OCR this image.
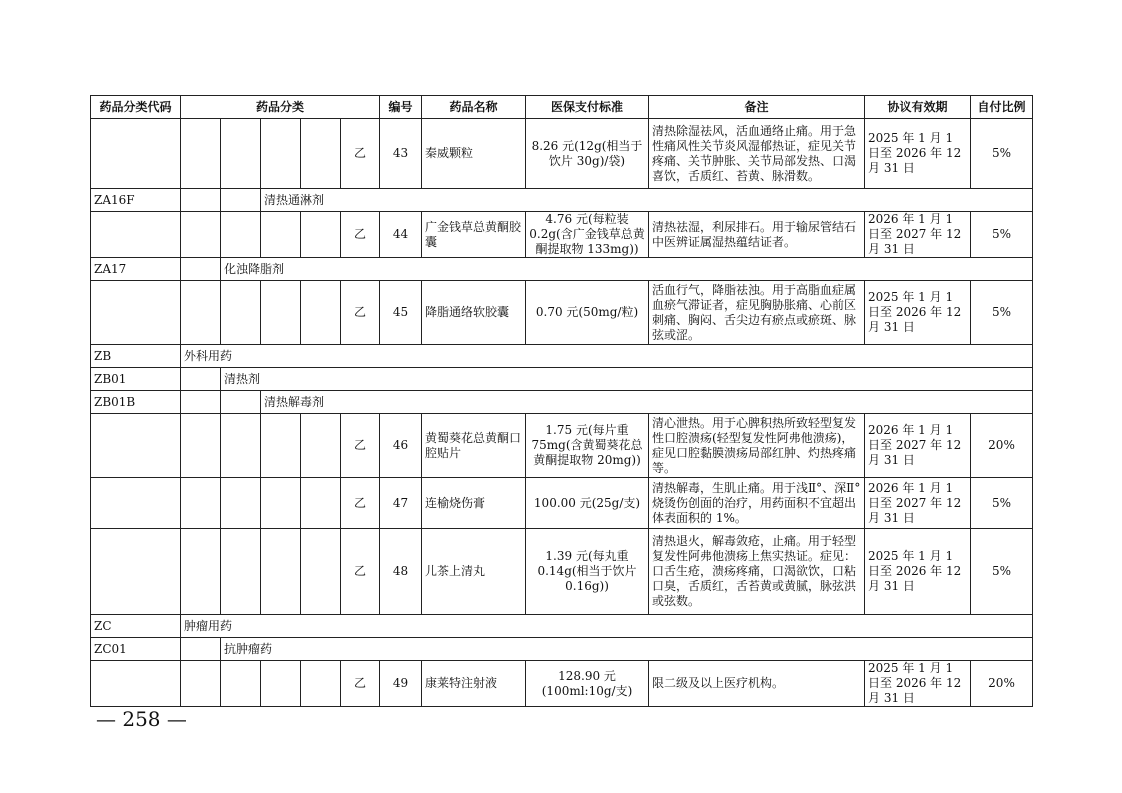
药品分类代码	药品分类					编号	药品名称	医保支付标准	备注	协议有效期	自付比例
					乙	43	秦威颗粒	8.26 元(12g(相当于饮片 30g)/袋)	清热除湿祛风，活血通络止痛。用于急性痛风性关节炎风湿郁热证，症见关节疼痛、关节肿胀、关节局部发热、口渴喜饮，舌质红、苔黄、脉滑数。	2025 年 1 月 1 日至 2026 年 12 月 31 日	5%
ZA16F			清热通淋剂								
					乙	44	广金钱草总黄酮胶囊	4.76 元(每粒装 0.2g(含广金钱草总黄酮提取物 133mg))	清热祛湿，利尿排石。用于输尿管结石中医辨证属湿热蕴结证者。	2026 年 1 月 1 日至 2027 年 12 月 31 日	5%
ZA17		化浊降脂剂									
					乙	45	降脂通络软胶囊	0.70 元(50mg/粒)	活血行气，降脂祛浊。用于高脂血症属血瘀气滞证者，症见胸胁胀痛、心前区刺痛、胸闷、舌尖边有瘀点或瘀斑、脉弦或涩。	2025 年 1 月 1 日至 2026 年 12 月 31 日	5%
ZB	外科用药										
ZB01		清热剂									
ZB01B			清热解毒剂								
					乙	46	黄蜀葵花总黄酮口腔贴片	1.75 元(每片重 75mg(含黄蜀葵花总黄酮提取物 20mg))	清心泄热。用于心脾积热所致轻型复发性口腔溃疡(轻型复发性阿弗他溃疡)，症见口腔黏膜溃疡局部红肿、灼热疼痛等。	2026 年 1 月 1 日至 2027 年 12 月 31 日	20%
					乙	47	连榆烧伤膏	100.00 元(25g/支)	清热解毒，生肌止痛。用于浅Ⅱ°、深Ⅱ°烧烫伤创面的治疗，用药面积不宜超出体表面积的 1%。	2026 年 1 月 1 日至 2027 年 12 月 31 日	5%
					乙	48	儿茶上清丸	1.39 元(每丸重 0.14g(相当于饮片 0.16g))	清热退火，解毒敛疮，止痛。用于轻型复发性阿弗他溃疡上焦实热证。症见：口舌生疮，溃疡疼痛，口渴欲饮，口粘口臭，舌质红，舌苔黄或黄腻，脉弦洪或弦数。	2025 年 1 月 1 日至 2026 年 12 月 31 日	5%
ZC	肿瘤用药										
ZC01		抗肿瘤药									
					乙	49	康莱特注射液	128.90 元(100ml:10g/支)	限二级及以上医疗机构。	2025 年 1 月 1 日至 2026 年 12 月 31 日	20%
— 258 —
